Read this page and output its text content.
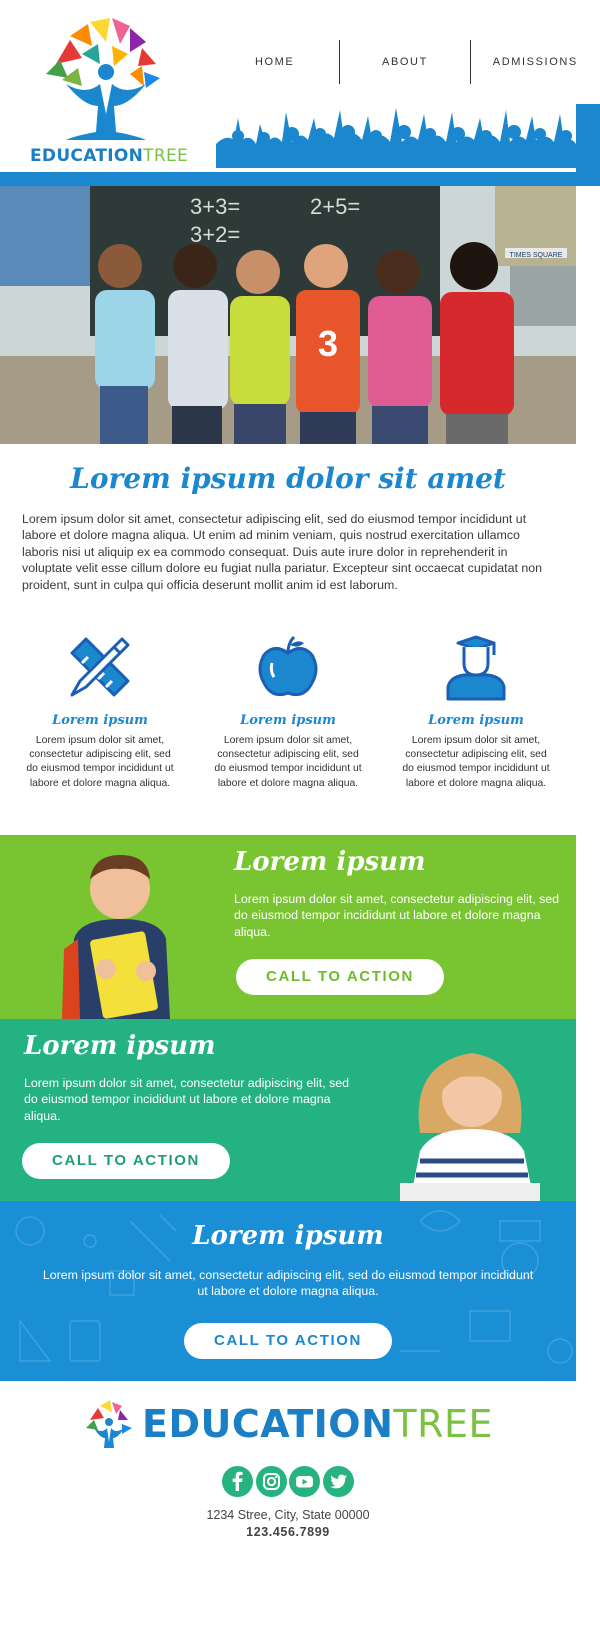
EDUCATIONTREE
HOME	ABOUT	ADMISSIONS
TIMES SQUARE
3+3=	2+5=
3+2=
3
Lorem ipsum dolor sit amet

Lorem ipsum dolor sit amet, consectetur adipiscing elit, sed do eiusmod tempor incididunt ut labore et dolore magna aliqua. Ut enim ad minim veniam, quis nostrud exercitation ullamco laboris nisi ut aliquip ex ea commodo consequat. Duis aute irure dolor in reprehenderit in voluptate velit esse cillum dolore eu fugiat nulla pariatur. Excepteur sint occaecat cupidatat non proident, sunt in culpa qui officia deserunt mollit anim id est laborum.

Lorem ipsum

Lorem ipsum dolor sit amet, consectetur adipiscing elit, sed do eiusmod tempor incididunt ut labore et dolore magna aliqua.

Lorem ipsum

Lorem ipsum dolor sit amet, consectetur adipiscing elit, sed do eiusmod tempor incididunt ut labore et dolore magna aliqua.

Lorem ipsum

Lorem ipsum dolor sit amet, consectetur adipiscing elit, sed do eiusmod tempor incididunt ut labore et dolore magna aliqua.

Lorem ipsum

Lorem ipsum dolor sit amet, consectetur adipiscing elit, sed do eiusmod tempor incididunt ut labore et dolore magna aliqua.

CALL TO ACTION
Lorem ipsum

Lorem ipsum dolor sit amet, consectetur adipiscing elit, sed do eiusmod tempor incididunt ut labore et dolore magna aliqua.

CALL TO ACTION
Lorem ipsum

Lorem ipsum dolor sit amet, consectetur adipiscing elit, sed do eiusmod tempor incididunt ut labore et dolore magna aliqua.

CALL TO ACTION
EDUCATIONTREE
1234 Stree, City, State 00000
123.456.7899
